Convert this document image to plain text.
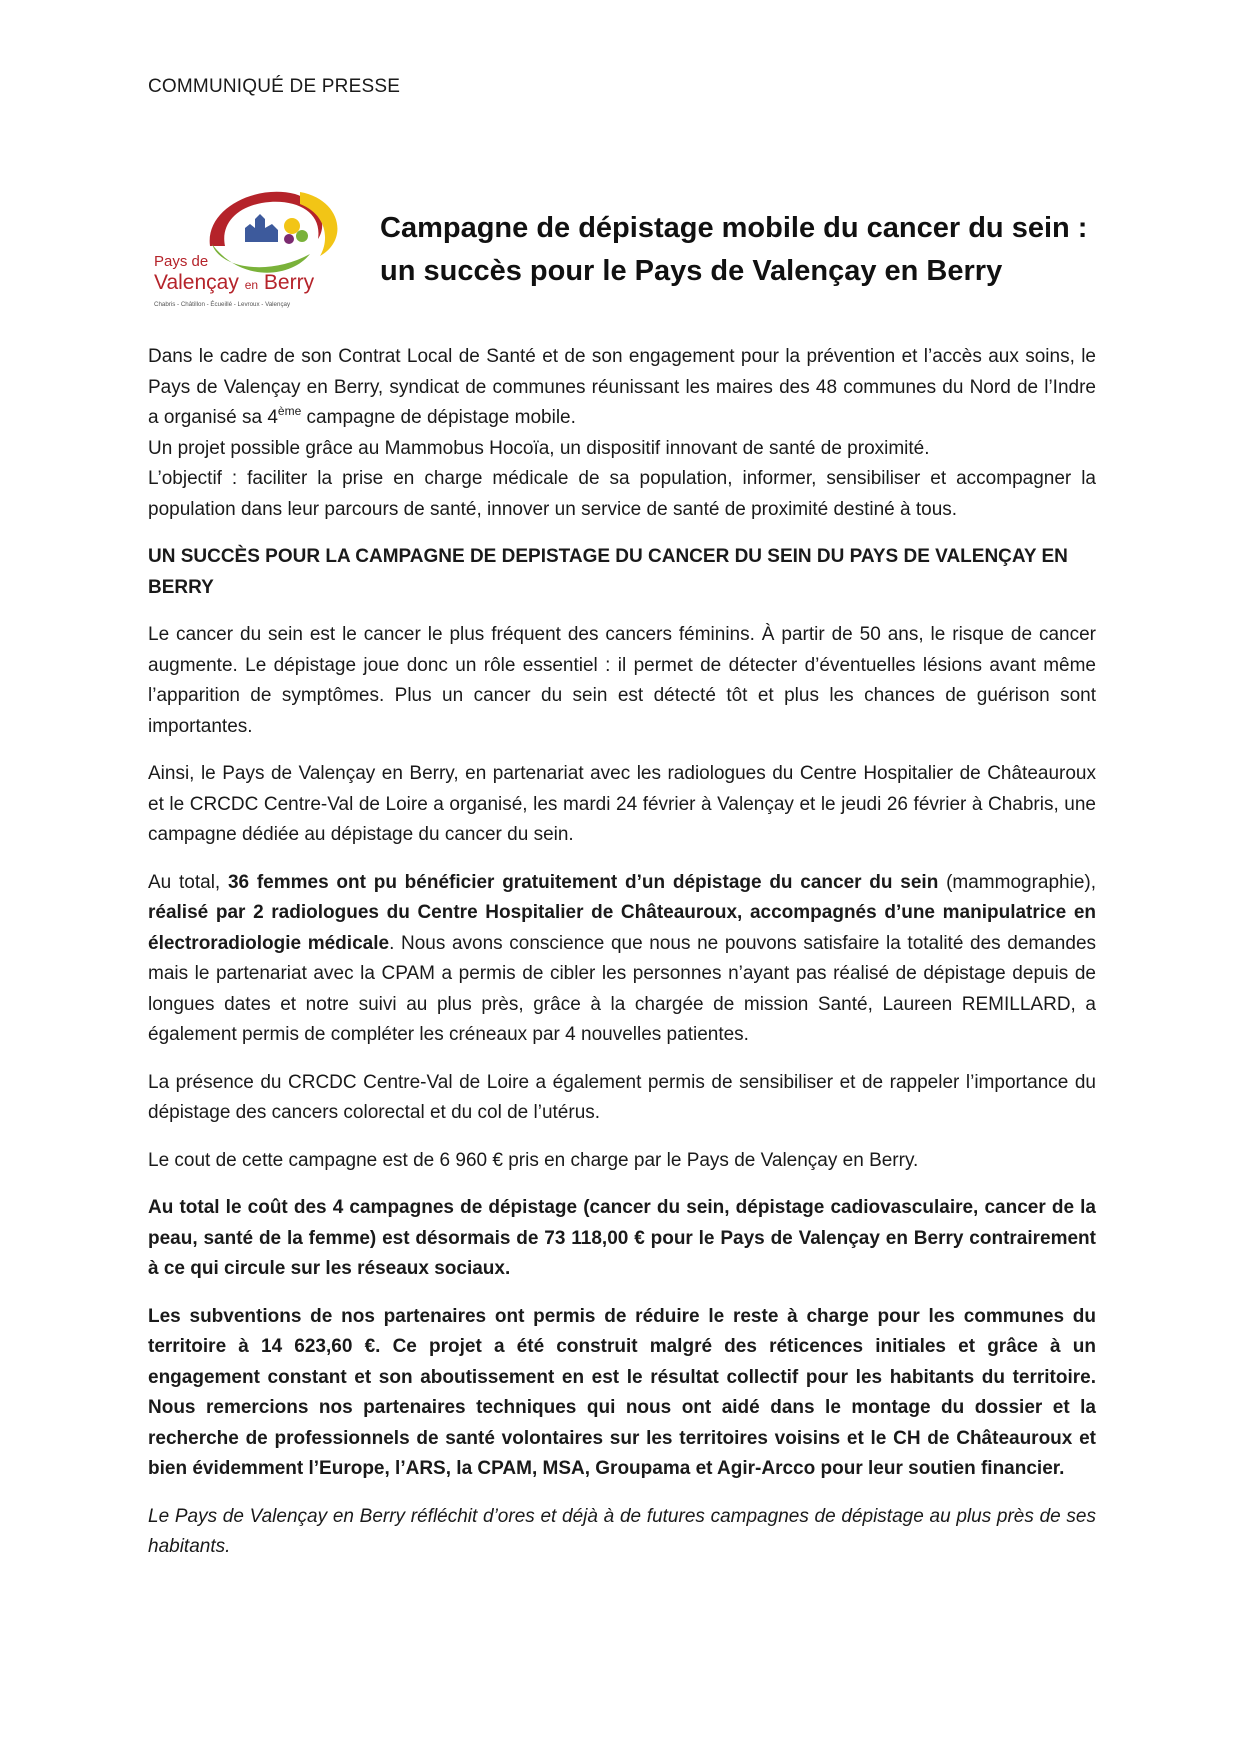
COMMUNIQUÉ DE PRESSE
Pays de
Valençay en Berry
Chabris - Châtillon - Écueillé - Levroux - Valençay
Campagne de dépistage mobile du cancer du sein :
un succès pour le Pays de Valençay en Berry

Dans le cadre de son Contrat Local de Santé et de son engagement pour la prévention et l’accès aux soins, le Pays de Valençay en Berry, syndicat de communes réunissant les maires des 48 communes du Nord de l’Indre a organisé sa 4ème campagne de dépistage mobile.

Un projet possible grâce au Mammobus Hocoïa, un dispositif innovant de santé de proximité.

L’objectif : faciliter la prise en charge médicale de sa population, informer, sensibiliser et accompagner la population dans leur parcours de santé, innover un service de santé de proximité destiné à tous.

UN SUCCÈS POUR LA CAMPAGNE DE DEPISTAGE DU CANCER DU SEIN DU PAYS DE VALENÇAY EN BERRY

Le cancer du sein est le cancer le plus fréquent des cancers féminins. À partir de 50 ans, le risque de cancer augmente. Le dépistage joue donc un rôle essentiel : il permet de détecter d’éventuelles lésions avant même l’apparition de symptômes. Plus un cancer du sein est détecté tôt et plus les chances de guérison sont importantes.

Ainsi, le Pays de Valençay en Berry, en partenariat avec les radiologues du Centre Hospitalier de Châteauroux et le CRCDC Centre-Val de Loire a organisé, les mardi 24 février à Valençay et le jeudi 26 février à Chabris, une campagne dédiée au dépistage du cancer du sein.

Au total, 36 femmes ont pu bénéficier gratuitement d’un dépistage du cancer du sein (mammographie), réalisé par 2 radiologues du Centre Hospitalier de Châteauroux, accompagnés d’une manipulatrice en électroradiologie médicale. Nous avons conscience que nous ne pouvons satisfaire la totalité des demandes mais le partenariat avec la CPAM a permis de cibler les personnes n’ayant pas réalisé de dépistage depuis de longues dates et notre suivi au plus près, grâce à la chargée de mission Santé, Laureen REMILLARD, a également permis de compléter les créneaux par 4 nouvelles patientes.

La présence du CRCDC Centre-Val de Loire a également permis de sensibiliser et de rappeler l’importance du dépistage des cancers colorectal et du col de l’utérus.

Le cout de cette campagne est de 6 960 € pris en charge par le Pays de Valençay en Berry.

Au total le coût des 4 campagnes de dépistage (cancer du sein, dépistage cadiovasculaire, cancer de la peau, santé de la femme) est désormais de 73 118,00 € pour le Pays de Valençay en Berry contrairement à ce qui circule sur les réseaux sociaux.

Les subventions de nos partenaires ont permis de réduire le reste à charge pour les communes du territoire à 14 623,60 €. Ce projet a été construit malgré des réticences initiales et grâce à un engagement constant et son aboutissement en est le résultat collectif pour les habitants du territoire. Nous remercions nos partenaires techniques qui nous ont aidé dans le montage du dossier et la recherche de professionnels de santé volontaires sur les territoires voisins et le CH de Châteauroux et bien évidemment l’Europe, l’ARS, la CPAM, MSA, Groupama et Agir-Arcco pour leur soutien financier.

Le Pays de Valençay en Berry réfléchit d’ores et déjà à de futures campagnes de dépistage au plus près de ses habitants.
